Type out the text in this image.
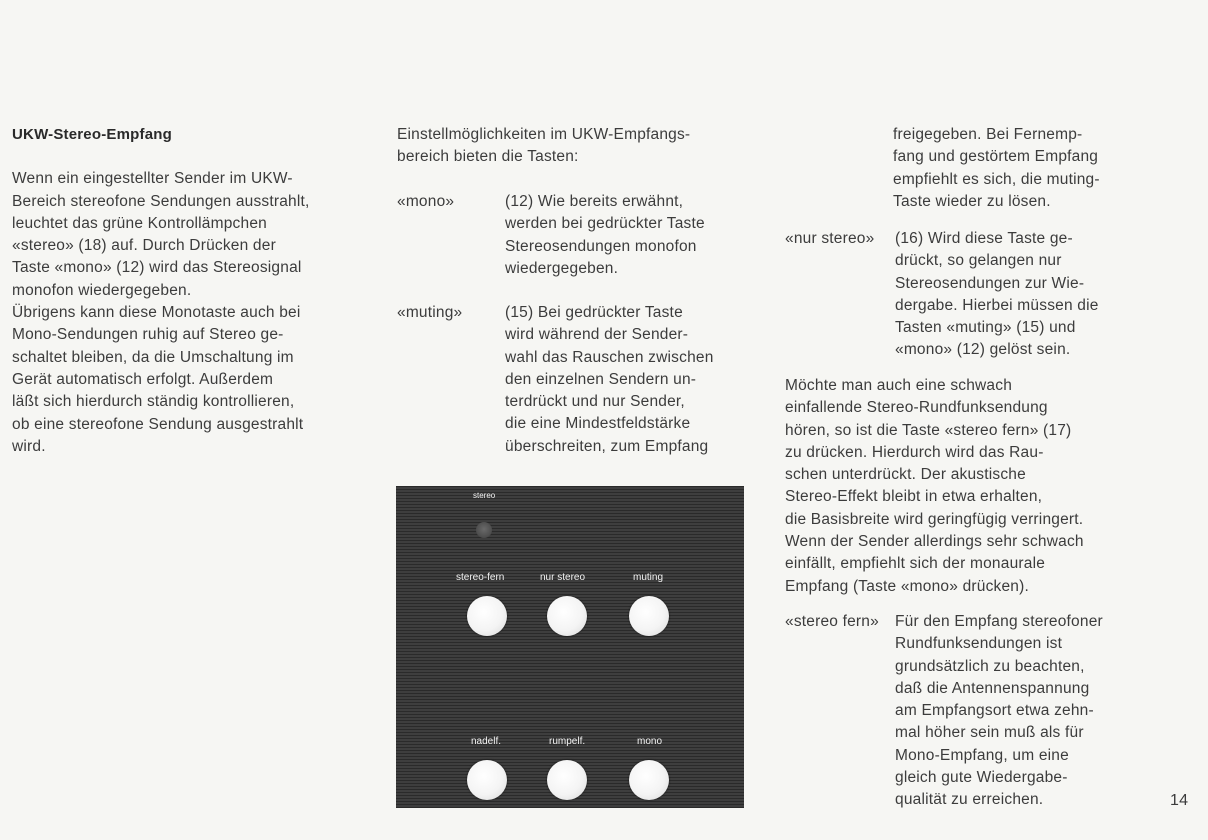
UKW-Stereo-Empfang

Wenn ein eingestellter Sender im UKW-
Bereich stereofone Sendungen ausstrahlt,
leuchtet das grüne Kontrollämpchen
«stereo» (18) auf. Durch Drücken der
Taste «mono» (12) wird das Stereosignal
monofon wiedergegeben.
Übrigens kann diese Monotaste auch bei
Mono-Sendungen ruhig auf Stereo ge-
schaltet bleiben, da die Umschaltung im
Gerät automatisch erfolgt. Außerdem
läßt sich hierdurch ständig kontrollieren,
ob eine stereofone Sendung ausgestrahlt
wird.
Einstellmöglichkeiten im UKW-Empfangs-
bereich bieten die Tasten:
«mono»	(12) Wie bereits erwähnt,
werden bei gedrückter Taste
Stereosendungen monofon
wiedergegeben.
«muting»	(15) Bei gedrückter Taste
wird während der Sender-
wahl das Rauschen zwischen
den einzelnen Sendern un-
terdrückt und nur Sender,
die eine Mindestfeldstärke
überschreiten, zum Empfang
stereo
stereo-fern	nur stereo	muting
nadelf.	rumpelf.	mono
freigegeben. Bei Fernemp-
fang und gestörtem Empfang
empfiehlt es sich, die muting-
Taste wieder zu lösen.
«nur stereo» (16) Wird diese Taste ge-
drückt, so gelangen nur
Stereosendungen zur Wie-
dergabe. Hierbei müssen die
Tasten «muting» (15) und
«mono» (12) gelöst sein.
Möchte man auch eine schwach
einfallende Stereo-Rundfunksendung
hören, so ist die Taste «stereo fern» (17)
zu drücken. Hierdurch wird das Rau-
schen unterdrückt. Der akustische
Stereo-Effekt bleibt in etwa erhalten,
die Basisbreite wird geringfügig verringert.
Wenn der Sender allerdings sehr schwach
einfällt, empfiehlt sich der monaurale
Empfang (Taste «mono» drücken).
«stereo fern» Für den Empfang stereofoner
Rundfunksendungen ist
grundsätzlich zu beachten,
daß die Antennenspannung
am Empfangsort etwa zehn-
mal höher sein muß als für
Mono-Empfang, um eine
gleich gute Wiedergabe-
qualität zu erreichen.	14
